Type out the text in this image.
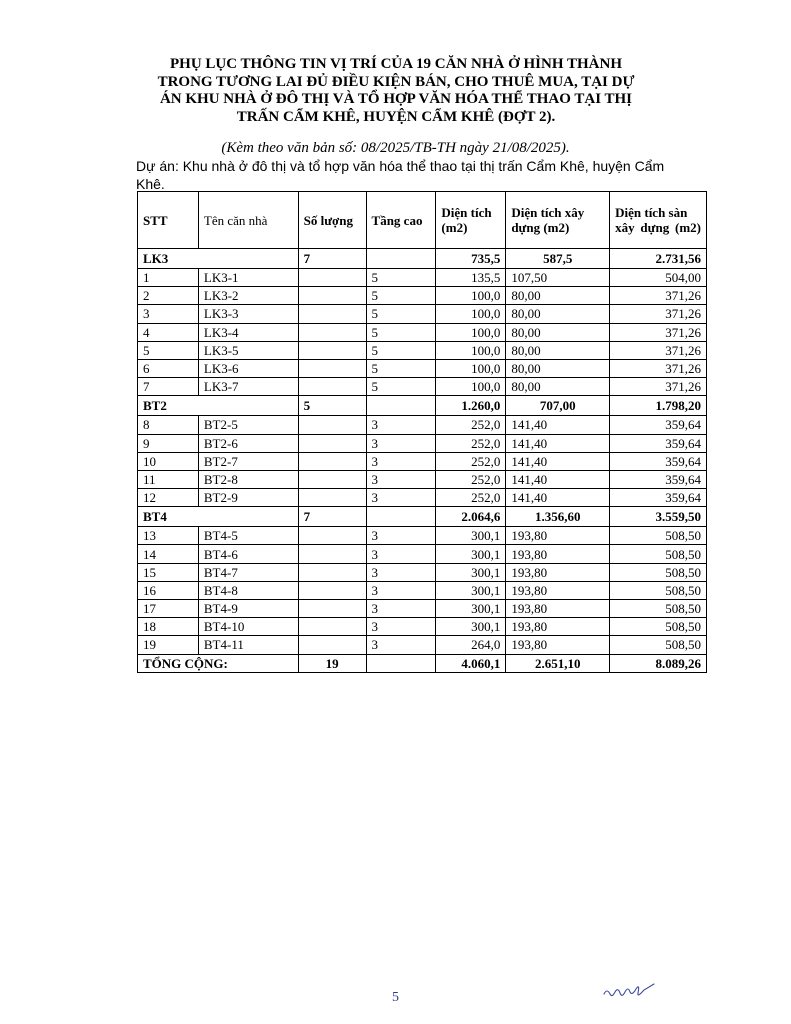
PHỤ LỤC THÔNG TIN VỊ TRÍ CỦA 19 CĂN NHÀ Ở HÌNH THÀNH TRONG TƯƠNG LAI ĐỦ ĐIỀU KIỆN BÁN, CHO THUÊ MUA, TẠI DỰ ÁN KHU NHÀ Ở ĐÔ THỊ VÀ TỔ HỢP VĂN HÓA THỂ THAO TẠI THỊ TRẤN CẨM KHÊ, HUYỆN CẨM KHÊ (ĐỢT 2).
(Kèm theo văn bản số: 08/2025/TB-TH ngày 21/08/2025).
Dự án: Khu nhà ở đô thị và tổ hợp văn hóa thể thao tại thị trấn Cẩm Khê, huyện Cẩm Khê.
STT	Tên căn nhà	Số lượng	Tầng cao	Diện tích (m2)	Diện tích xây dựng (m2)	Diện tích sàn xây dựng (m2)
LK3		7		735,5	587,5	2.731,56
1	LK3-1		5	135,5	107,50	504,00
2	LK3-2		5	100,0	80,00	371,26
3	LK3-3		5	100,0	80,00	371,26
4	LK3-4		5	100,0	80,00	371,26
5	LK3-5		5	100,0	80,00	371,26
6	LK3-6		5	100,0	80,00	371,26
7	LK3-7		5	100,0	80,00	371,26
BT2		5		1.260,0	707,00	1.798,20
8	BT2-5		3	252,0	141,40	359,64
9	BT2-6		3	252,0	141,40	359,64
10	BT2-7		3	252,0	141,40	359,64
11	BT2-8		3	252,0	141,40	359,64
12	BT2-9		3	252,0	141,40	359,64
BT4		7		2.064,6	1.356,60	3.559,50
13	BT4-5		3	300,1	193,80	508,50
14	BT4-6		3	300,1	193,80	508,50
15	BT4-7		3	300,1	193,80	508,50
16	BT4-8		3	300,1	193,80	508,50
17	BT4-9		3	300,1	193,80	508,50
18	BT4-10		3	300,1	193,80	508,50
19	BT4-11		3	264,0	193,80	508,50
TỔNG CỘNG:		19		4.060,1	2.651,10	8.089,26
5
